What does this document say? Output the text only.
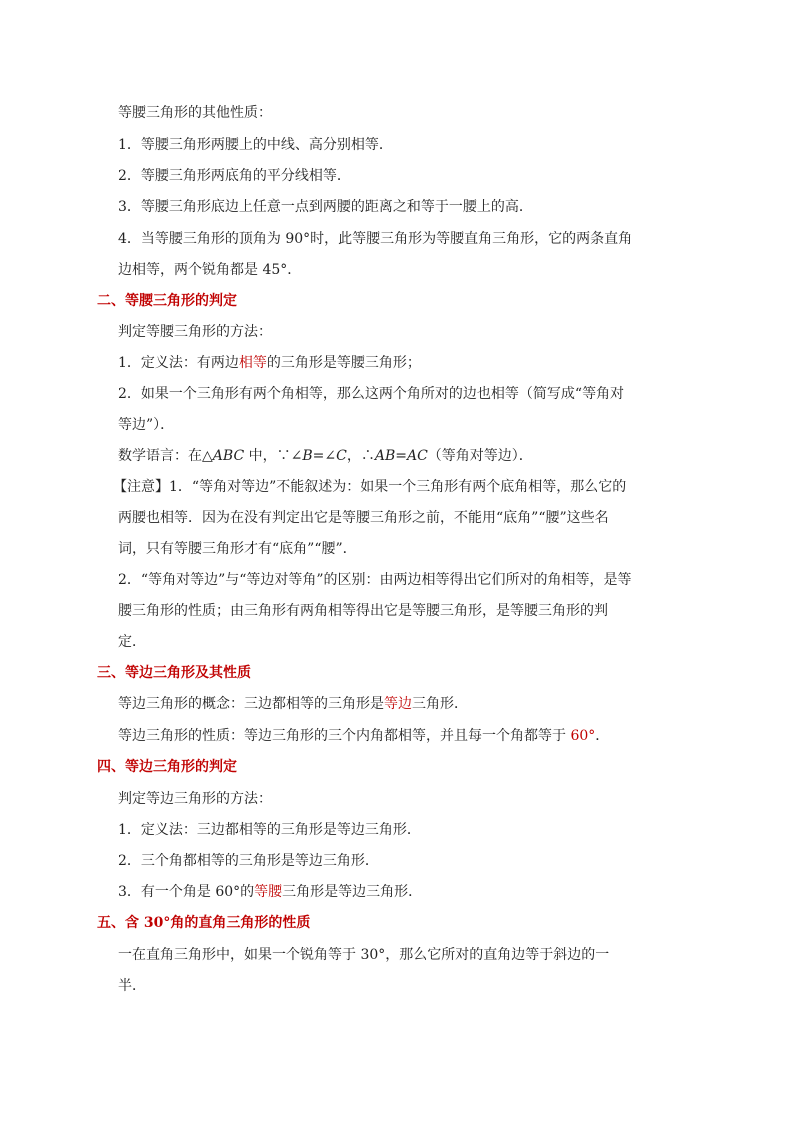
等腰三角形的其他性质：
1．等腰三角形两腰上的中线、高分别相等．
2．等腰三角形两底角的平分线相等．
3．等腰三角形底边上任意一点到两腰的距离之和等于一腰上的高．
4．当等腰三角形的顶角为 90°时，此等腰三角形为等腰直角三角形，它的两条直角
边相等，两个锐角都是 45°．
二、等腰三角形的判定
判定等腰三角形的方法：
1．定义法：有两边相等的三角形是等腰三角形；
2．如果一个三角形有两个角相等，那么这两个角所对的边也相等（简写成“等角对
等边”）．
数学语言：在△ABC 中，∵∠B=∠C，∴AB=AC（等角对等边）．
【注意】1．“等角对等边”不能叙述为：如果一个三角形有两个底角相等，那么它的
两腰也相等．因为在没有判定出它是等腰三角形之前，不能用“底角”“腰”这些名
词，只有等腰三角形才有“底角”“腰”．
2．“等角对等边”与“等边对等角”的区别：由两边相等得出它们所对的角相等，是等
腰三角形的性质；由三角形有两角相等得出它是等腰三角形，是等腰三角形的判
定．
三、等边三角形及其性质
等边三角形的概念：三边都相等的三角形是等边三角形．
等边三角形的性质：等边三角形的三个内角都相等，并且每一个角都等于 60°．
四、等边三角形的判定
判定等边三角形的方法：
1．定义法：三边都相等的三角形是等边三角形．
2．三个角都相等的三角形是等边三角形．
3．有一个角是 60°的等腰三角形是等边三角形．
五、含 30°角的直角三角形的性质
一在直角三角形中，如果一个锐角等于 30°，那么它所对的直角边等于斜边的一
半．
